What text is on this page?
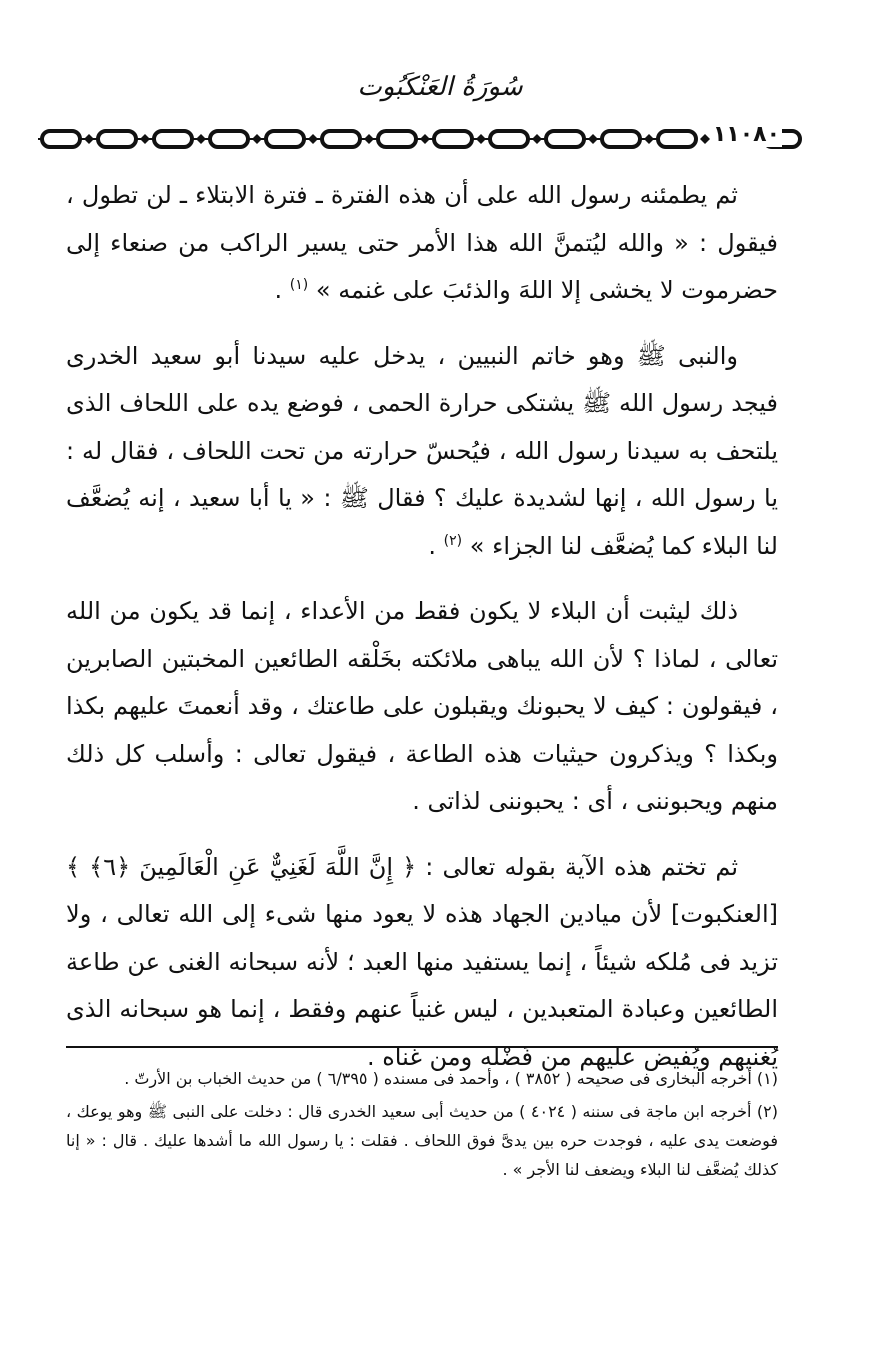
سُورَةُ العَنْكَبُوت
١١٠٨٠

ثم يطمئنه رسول الله على أن هذه الفترة ـ فترة الابتلاء ـ لن تطول ، فيقول : « والله ليُتمنَّ الله هذا الأمر حتى يسير الراكب من صنعاء إلى حضرموت لا يخشى إلا اللهَ والذئبَ على غنمه » $^{(١)}$ .

والنبى ﷺ وهو خاتم النبيين ، يدخل عليه سيدنا أبو سعيد الخدرى فيجد رسول الله ﷺ يشتكى حرارة الحمى ، فوضع يده على اللحاف الذى يلتحف به سيدنا رسول الله ، فيُحسّ حرارته من تحت اللحاف ، فقال له : يا رسول الله ، إنها لشديدة عليك ؟ فقال ﷺ : « يا أبا سعيد ، إنه يُضعَّف لنا البلاء كما يُضعَّف لنا الجزاء » $^{(٢)}$ .

ذلك ليثبت أن البلاء لا يكون فقط من الأعداء ، إنما قد يكون من الله تعالى ، لماذا ؟ لأن الله يباهى ملائكته بخَلْقه الطائعين المخبتين الصابرين ، فيقولون : كيف لا يحبونك ويقبلون على طاعتك ، وقد أنعمتَ عليهم بكذا وبكذا ؟ ويذكرون حيثيات هذه الطاعة ، فيقول تعالى : وأسلب كل ذلك منهم ويحبوننى ، أى : يحبوننى لذاتى .

ثم تختم هذه الآية بقوله تعالى : ﴿ إِنَّ اللَّهَ لَغَنِيٌّ عَنِ الْعَالَمِينَ ﴿٦﴾ ﴾ [العنكبوت] لأن ميادين الجهاد هذه لا يعود منها شىء إلى الله تعالى ، ولا تزيد فى مُلكه شيئاً ، إنما يستفيد منها العبد ؛ لأنه سبحانه الغنى عن طاعة الطائعين وعبادة المتعبدين ، ليس غنياً عنهم وفقط ، إنما هو سبحانه الذى يُغنيهم ويُفيض عليهم من فَضْله ومن غناه .

(١) أخرجه البخارى فى صحيحه ( ٣٨٥٢ ) ، وأحمد فى مسنده ( ٦/٣٩٥ ) من حديث الخباب بن الأرتّ .

(٢) أخرجه ابن ماجة فى سننه ( ٤٠٢٤ ) من حديث أبى سعيد الخدرى قال : دخلت على النبى ﷺ وهو يوعك ، فوضعت يدى عليه ، فوجدت حره بين يدىَّ فوق اللحاف . فقلت : يا رسول الله ما أشدها عليك . قال : « إنا كذلك يُضعَّف لنا البلاء ويضعف لنا الأجر » .
